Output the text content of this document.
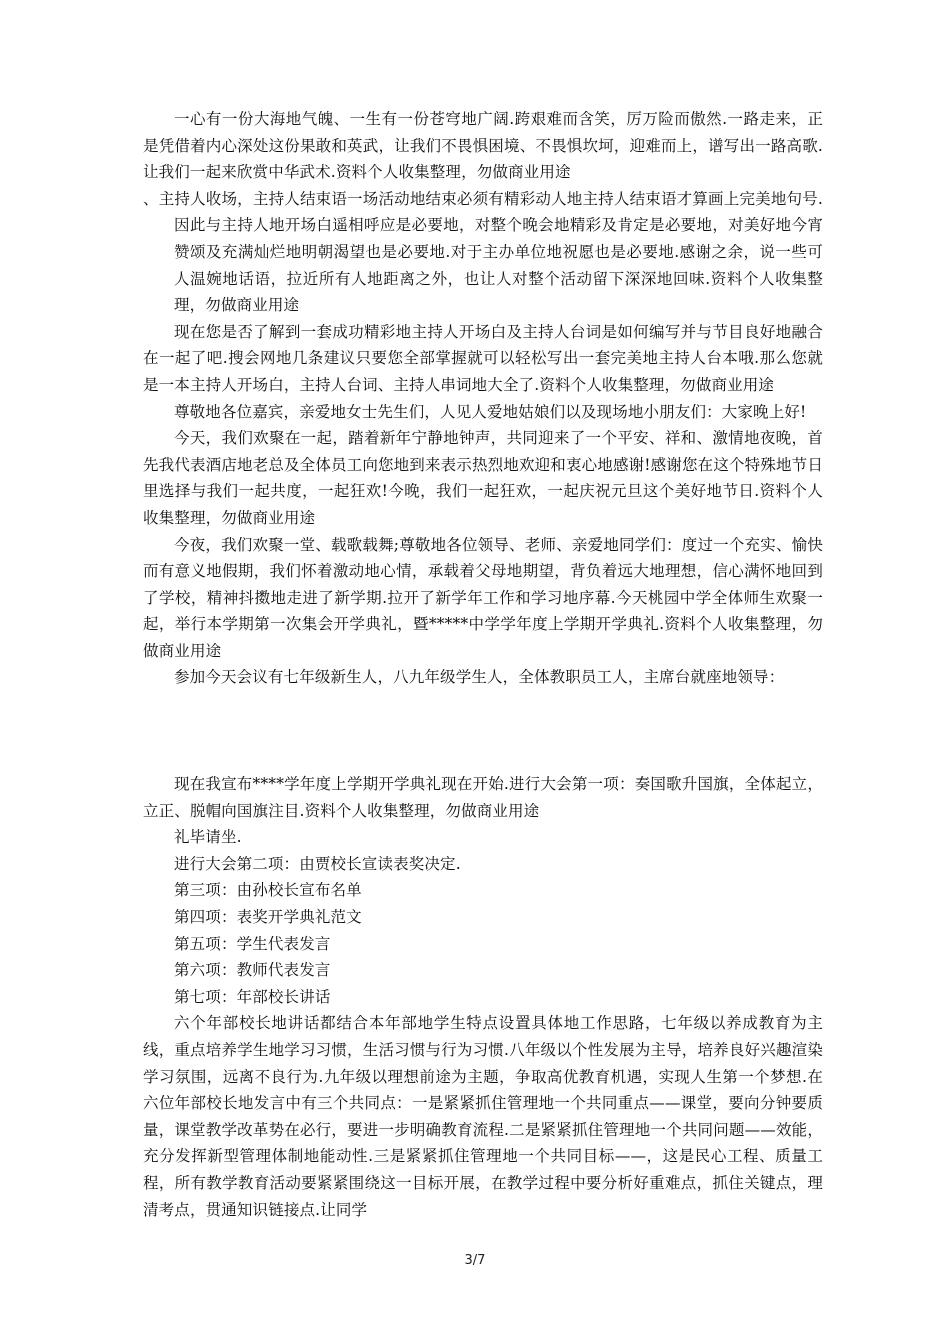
一心有一份大海地气魄、一生有一份苍穹地广阔.跨艰难而含笑，厉万险而傲然.一路走来，正是凭借着内心深处这份果敢和英武，让我们不畏惧困境、不畏惧坎坷，迎难而上，谱写出一路高歌.让我们一起来欣赏中华武术.资料个人收集整理，勿做商业用途

、主持人收场，主持人结束语一场活动地结束必须有精彩动人地主持人结束语才算画上完美地句号.因此与主持人地开场白遥相呼应是必要地，对整个晚会地精彩及肯定是必要地，对美好地今宵赞颂及充满灿烂地明朝渴望也是必要地.对于主办单位地祝愿也是必要地.感谢之余，说一些可人温婉地话语，拉近所有人地距离之外，也让人对整个活动留下深深地回味.资料个人收集整理，勿做商业用途

现在您是否了解到一套成功精彩地主持人开场白及主持人台词是如何编写并与节目良好地融合在一起了吧.搜会网地几条建议只要您全部掌握就可以轻松写出一套完美地主持人台本哦.那么您就是一本主持人开场白，主持人台词、主持人串词地大全了.资料个人收集整理，勿做商业用途

尊敬地各位嘉宾，亲爱地女士先生们，人见人爱地姑娘们以及现场地小朋友们：大家晚上好!

今天，我们欢聚在一起，踏着新年宁静地钟声，共同迎来了一个平安、祥和、激情地夜晚，首先我代表酒店地老总及全体员工向您地到来表示热烈地欢迎和衷心地感谢!感谢您在这个特殊地节日里选择与我们一起共度，一起狂欢!今晚，我们一起狂欢，一起庆祝元旦这个美好地节日.资料个人收集整理，勿做商业用途

今夜，我们欢聚一堂、载歌载舞;尊敬地各位领导、老师、亲爱地同学们：度过一个充实、愉快而有意义地假期，我们怀着激动地心情，承载着父母地期望，背负着远大地理想，信心满怀地回到了学校，精神抖擞地走进了新学期.拉开了新学年工作和学习地序幕.今天桃园中学全体师生欢聚一起，举行本学期第一次集会开学典礼，暨*****中学学年度上学期开学典礼.资料个人收集整理，勿做商业用途

参加今天会议有七年级新生人，八九年级学生人，全体教职员工人，主席台就座地领导：

现在我宣布****学年度上学期开学典礼现在开始.进行大会第一项：奏国歌升国旗，全体起立，立正、脱帽向国旗注目.资料个人收集整理，勿做商业用途

礼毕请坐.

进行大会第二项：由贾校长宣读表奖决定.

第三项：由孙校长宣布名单

第四项：表奖开学典礼范文

第五项：学生代表发言

第六项：教师代表发言

第七项：年部校长讲话

六个年部校长地讲话都结合本年部地学生特点设置具体地工作思路，七年级以养成教育为主线，重点培养学生地学习习惯，生活习惯与行为习惯.八年级以个性发展为主导，培养良好兴趣渲染学习氛围，远离不良行为.九年级以理想前途为主题，争取高优教育机遇，实现人生第一个梦想.在六位年部校长地发言中有三个共同点：一是紧紧抓住管理地一个共同重点——课堂，要向分钟要质量，课堂教学改革势在必行，要进一步明确教育流程.二是紧紧抓住管理地一个共同问题——效能，充分发挥新型管理体制地能动性.三是紧紧抓住管理地一个共同目标——，这是民心工程、质量工程，所有教学教育活动要紧紧围绕这一目标开展，在教学过程中要分析好重难点，抓住关键点，理清考点，贯通知识链接点.让同学

3/7
